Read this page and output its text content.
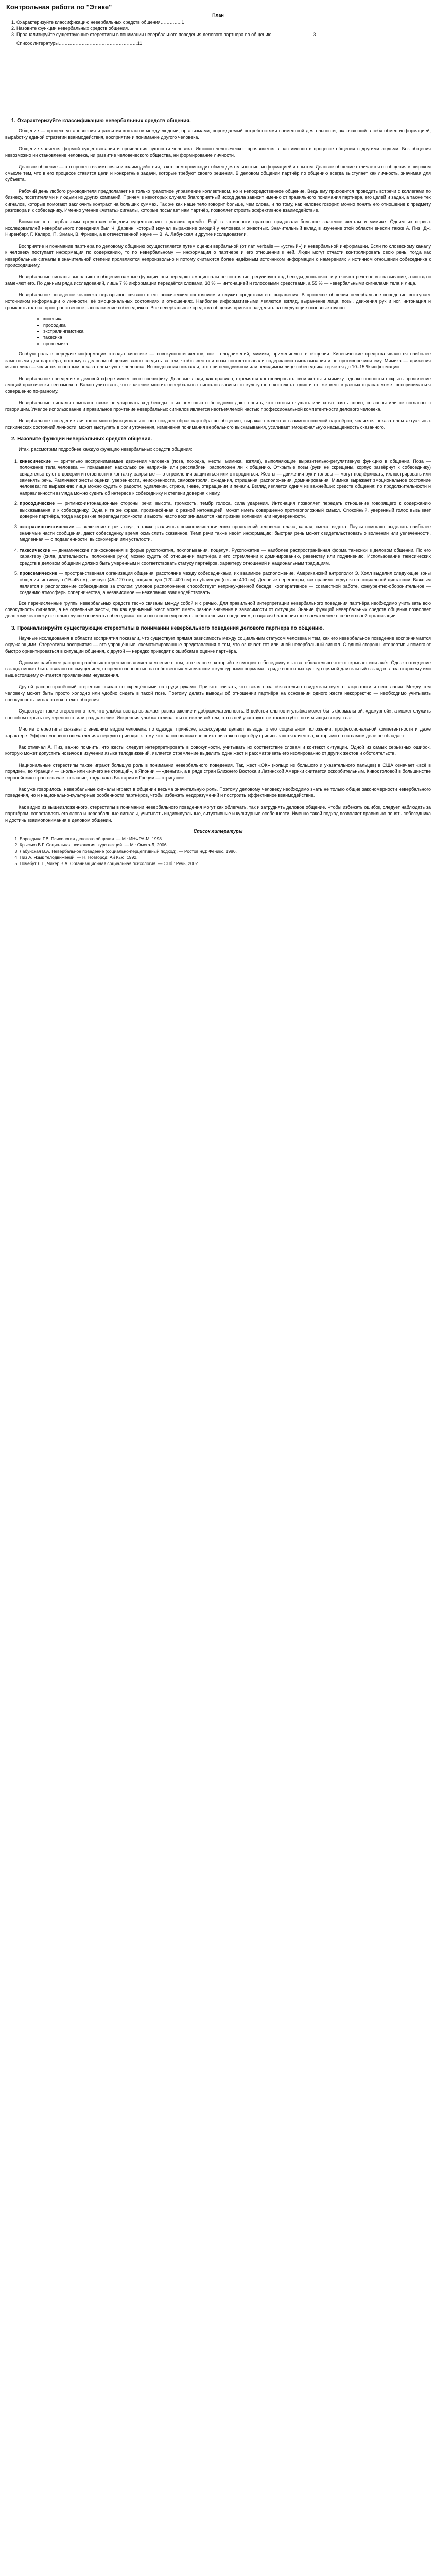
Контрольная работа по "Этике"
План
1. Охарактеризуйте классификацию невербальных средств общения…………..1
2. Назовите функции невербальных средств общения.
3. Проанализируйте существующие стереотипы в понимании невербального поведения делового партнера по общению………………………3
Список литературы……………………………………………11
1. Охарактеризуйте классификацию невербальных средств общения.

Общение — процесс установления и развития контактов между людьми, организмами, порождаемый потребностями совместной деятельности, включающий в себя обмен информацией, выработку единой стратегии взаимодействия, восприятие и понимание другого человека.

Общение является формой существования и проявления сущности человека. Истинно человеческое проявляется в нас именно в процессе общения с другими людьми. Без общения невозможно ни становление человека, ни развитие человеческого общества, ни формирование личности.

Деловое общение — это процесс взаимосвязи и взаимодействия, в котором происходит обмен деятельностью, информацией и опытом. Деловое общение отличается от общения в широком смысле тем, что в его процессе ставятся цели и конкретные задачи, которые требуют своего решения. В деловом общении партнёр по общению всегда выступает как личность, значимая для субъекта.

Рабочий день любого руководителя предполагает не только грамотное управление коллективом, но и непосредственное общение. Ведь ему приходится проводить встречи с коллегами по бизнесу, посетителями и людьми из других компаний. Причем в некоторых случаях благоприятный исход дела зависит именно от правильного понимания партнера, его целей и задач, а также тех сигналов, которые помогают заключить контракт на больших суммах. Так же как наше тело говорит больше, чем слова, и по тому, как человек говорит, можно понять его отношение к предмету разговора и к собеседнику. Именно умение «читать» сигналы, которые посылает нам партнёр, позволяет строить эффективное взаимодействие.

Внимание к невербальным средствам общения существовало с давних времён. Ещё в античности ораторы придавали большое значение жестам и мимике. Одним из первых исследователей невербального поведения был Ч. Дарвин, который изучал выражение эмоций у человека и животных. Значительный вклад в изучение этой области внесли также А. Пиз, Дж. Ниренберг, Г. Калеро, П. Экман, В. Фризен, а в отечественной науке — В. А. Лабунская и другие исследователи.

Восприятие и понимание партнера по деловому общению осуществляется путем оценки вербальной (от лат. verbalis — «устный») и невербальной информации. Если по словесному каналу к человеку поступает информация по содержанию, то по невербальному — информация о партнере и его отношении к ней. Люди могут отчасти контролировать свою речь, тогда как невербальные сигналы в значительной степени проявляются непроизвольно и потому считаются более надёжным источником информации о намерениях и истинном отношении собеседника к происходящему.

Невербальные сигналы выполняют в общении важные функции: они передают эмоциональное состояние, регулируют ход беседы, дополняют и уточняют речевое высказывание, а иногда и заменяют его. По данным ряда исследований, лишь 7 % информации передаётся словами, 38 % — интонацией и голосовыми средствами, а 55 % — невербальными сигналами тела и лица.

Невербальное поведение человека неразрывно связано с его психическим состоянием и служит средством его выражения. В процессе общения невербальное поведение выступает источником информации о личности, её эмоциональных состояниях и отношениях. Наиболее информативными являются взгляд, выражение лица, позы, движения рук и ног, интонация и громкость голоса, пространственное расположение собеседников. Все невербальные средства общения принято разделять на следующие основные группы:

• кинесика
• просодика
• экстралингвистика
• такесика
• проксемика

Особую роль в передаче информации отводят кинесике — совокупности жестов, поз, телодвижений, мимики, применяемых в общении. Кинесические средства являются наиболее заметными для партнёра, поэтому в деловом общении важно следить за тем, чтобы жесты и позы соответствовали содержанию высказывания и не противоречили ему. Мимика — движения мышц лица — является основным показателем чувств человека. Исследования показали, что при неподвижном или невидимом лице собеседника теряется до 10–15 % информации.

Невербальное поведение в деловой сфере имеет свою специфику. Деловые люди, как правило, стремятся контролировать свои жесты и мимику, однако полностью скрыть проявление эмоций практически невозможно. Важно учитывать, что значение многих невербальных сигналов зависит от культурного контекста: один и тот же жест в разных странах может восприниматься совершенно по-разному.

Невербальные сигналы помогают также регулировать ход беседы: с их помощью собеседники дают понять, что готовы слушать или хотят взять слово, согласны или не согласны с говорящим. Умелое использование и правильное прочтение невербальных сигналов является неотъемлемой частью профессиональной компетентности делового человека.

Невербальное поведение личности многофункционально: оно создаёт образ партнёра по общению, выражает качество взаимоотношений партнёров, является показателем актуальных психических состояний личности, может выступать в роли уточнения, изменения понимания вербального высказывания, усиливает эмоциональную насыщенность сказанного.

2. Назовите функции невербальных средств общения.

Итак, рассмотрим подробнее каждую функцию невербальных средств общения:

1. кинесические — зрительно воспринимаемые движения человека (поза, походка, жесты, мимика, взгляд), выполняющие выразительно-регулятивную функцию в общении. Поза — положение тела человека — показывает, насколько он напряжён или расслаблен, расположен ли к общению. Открытые позы (руки не скрещены, корпус развёрнут к собеседнику) свидетельствуют о доверии и готовности к контакту, закрытые — о стремлении защититься или отгородиться. Жесты — движения рук и головы — могут подчёркивать, иллюстрировать или заменять речь. Различают жесты оценки, уверенности, неискренности, самоконтроля, ожидания, отрицания, расположения, доминирования. Мимика выражает эмоциональное состояние человека; по выражению лица можно судить о радости, удивлении, страхе, гневе, отвращении и печали. Взгляд является одним из важнейших средств общения: по продолжительности и направленности взгляда можно судить об интересе к собеседнику и степени доверия к нему.
2. просодические — ритмико-интонационные стороны речи: высота, громкость, тембр голоса, сила ударения. Интонация позволяет передать отношение говорящего к содержанию высказывания и к собеседнику. Одна и та же фраза, произнесённая с разной интонацией, может иметь совершенно противоположный смысл. Спокойный, уверенный голос вызывает доверие партнёра, тогда как резкие перепады громкости и высоты часто воспринимаются как признак волнения или неуверенности.
3. экстралингвистические — включение в речь пауз, а также различных психофизиологических проявлений человека: плача, кашля, смеха, вздоха. Паузы помогают выделить наиболее значимые части сообщения, дают собеседнику время осмыслить сказанное. Темп речи также несёт информацию: быстрая речь может свидетельствовать о волнении или увлечённости, медленная — о подавленности, высокомерии или усталости.
4. такесические — динамические прикосновения в форме рукопожатия, похлопывания, поцелуя. Рукопожатие — наиболее распространённая форма такесики в деловом общении. По его характеру (сила, длительность, положение руки) можно судить об отношении партнёра и его стремлении к доминированию, равенству или подчинению. Использование такесических средств в деловом общении должно быть умеренным и соответствовать статусу партнёров, характеру отношений и национальным традициям.
5. проксемические — пространственная организация общения: расстояние между собеседниками, их взаимное расположение. Американский антрополог Э. Холл выделил следующие зоны общения: интимную (15–45 см), личную (45–120 см), социальную (120–400 см) и публичную (свыше 400 см). Деловые переговоры, как правило, ведутся на социальной дистанции. Важным является и расположение собеседников за столом: угловое расположение способствует непринуждённой беседе, кооперативное — совместной работе, конкурентно-оборонительное — созданию атмосферы соперничества, а независимое — нежеланию взаимодействовать.

Все перечисленные группы невербальных средств тесно связаны между собой и с речью. Для правильной интерпретации невербального поведения партнёра необходимо учитывать всю совокупность сигналов, а не отдельные жесты, так как единичный жест может иметь разное значение в зависимости от ситуации. Знание функций невербальных средств общения позволяет деловому человеку не только лучше понимать собеседника, но и осознанно управлять собственным поведением, создавая благоприятное впечатление о себе и своей организации.

3. Проанализируйте существующие стереотипы в понимании невербального поведения делового партнера по общению.

Научные исследования в области восприятия показали, что существует прямая зависимость между социальным статусом человека и тем, как его невербальное поведение воспринимается окружающими. Стереотипы восприятия — это упрощённые, схематизированные представления о том, что означает тот или иной невербальный сигнал. С одной стороны, стереотипы помогают быстро ориентироваться в ситуации общения, с другой — нередко приводят к ошибкам в оценке партнёра.

Одним из наиболее распространённых стереотипов является мнение о том, что человек, который не смотрит собеседнику в глаза, обязательно что-то скрывает или лжёт. Однако отведение взгляда может быть связано со смущением, сосредоточенностью на собственных мыслях или с культурными нормами: в ряде восточных культур прямой длительный взгляд в глаза старшему или вышестоящему считается проявлением неуважения.

Другой распространённый стереотип связан со скрещёнными на груди руками. Принято считать, что такая поза обязательно свидетельствует о закрытости и несогласии. Между тем человеку может быть просто холодно или удобно сидеть в такой позе. Поэтому делать выводы об отношении партнёра на основании одного жеста некорректно — необходимо учитывать совокупность сигналов и контекст общения.

Существует также стереотип о том, что улыбка всегда выражает расположение и доброжелательность. В действительности улыбка может быть формальной, «дежурной», а может служить способом скрыть неуверенность или раздражение. Искренняя улыбка отличается от вежливой тем, что в ней участвуют не только губы, но и мышцы вокруг глаз.

Многие стереотипы связаны с внешним видом человека: по одежде, причёске, аксессуарам делают выводы о его социальном положении, профессиональной компетентности и даже характере. Эффект «первого впечатления» нередко приводит к тому, что на основании внешних признаков партнёру приписываются качества, которыми он на самом деле не обладает.

Как отмечал А. Пиз, важно помнить, что жесты следует интерпретировать в совокупности, учитывать их соответствие словам и контекст ситуации. Одной из самых серьёзных ошибок, которую может допустить новичок в изучении языка телодвижений, является стремление выделить один жест и рассматривать его изолированно от других жестов и обстоятельств.

Национальные стереотипы также играют большую роль в понимании невербального поведения. Так, жест «ОК» (кольцо из большого и указательного пальцев) в США означает «всё в порядке», во Франции — «ноль» или «ничего не стоящий», в Японии — «деньги», а в ряде стран Ближнего Востока и Латинской Америки считается оскорбительным. Кивок головой в большинстве европейских стран означает согласие, тогда как в Болгарии и Греции — отрицание.

Как уже говорилось, невербальные сигналы играют в общении весьма значительную роль. Поэтому деловому человеку необходимо знать не только общие закономерности невербального поведения, но и национально-культурные особенности партнёров, чтобы избежать недоразумений и построить эффективное взаимодействие.

Как видно из вышеизложенного, стереотипы в понимании невербального поведения могут как облегчать, так и затруднять деловое общение. Чтобы избежать ошибок, следует наблюдать за партнёром, сопоставлять его слова и невербальные сигналы, учитывать индивидуальные, ситуативные и культурные особенности. Именно такой подход позволяет правильно понять собеседника и достичь взаимопонимания в деловом общении.

Список литературы
1. Бороздина Г.В. Психология делового общения. — М.: ИНФРА-М, 1998.
2. Крысько В.Г. Социальная психология: курс лекций. — М.: Омега-Л, 2006.
3. Лабунская В.А. Невербальное поведение (социально-перцептивный подход). — Ростов н/Д: Феникс, 1986.
4. Пиз А. Язык телодвижений. — Н. Новгород: Ай Кью, 1992.
5. Почебут Л.Г., Чикер В.А. Организационная социальная психология. — СПб.: Речь, 2002.
